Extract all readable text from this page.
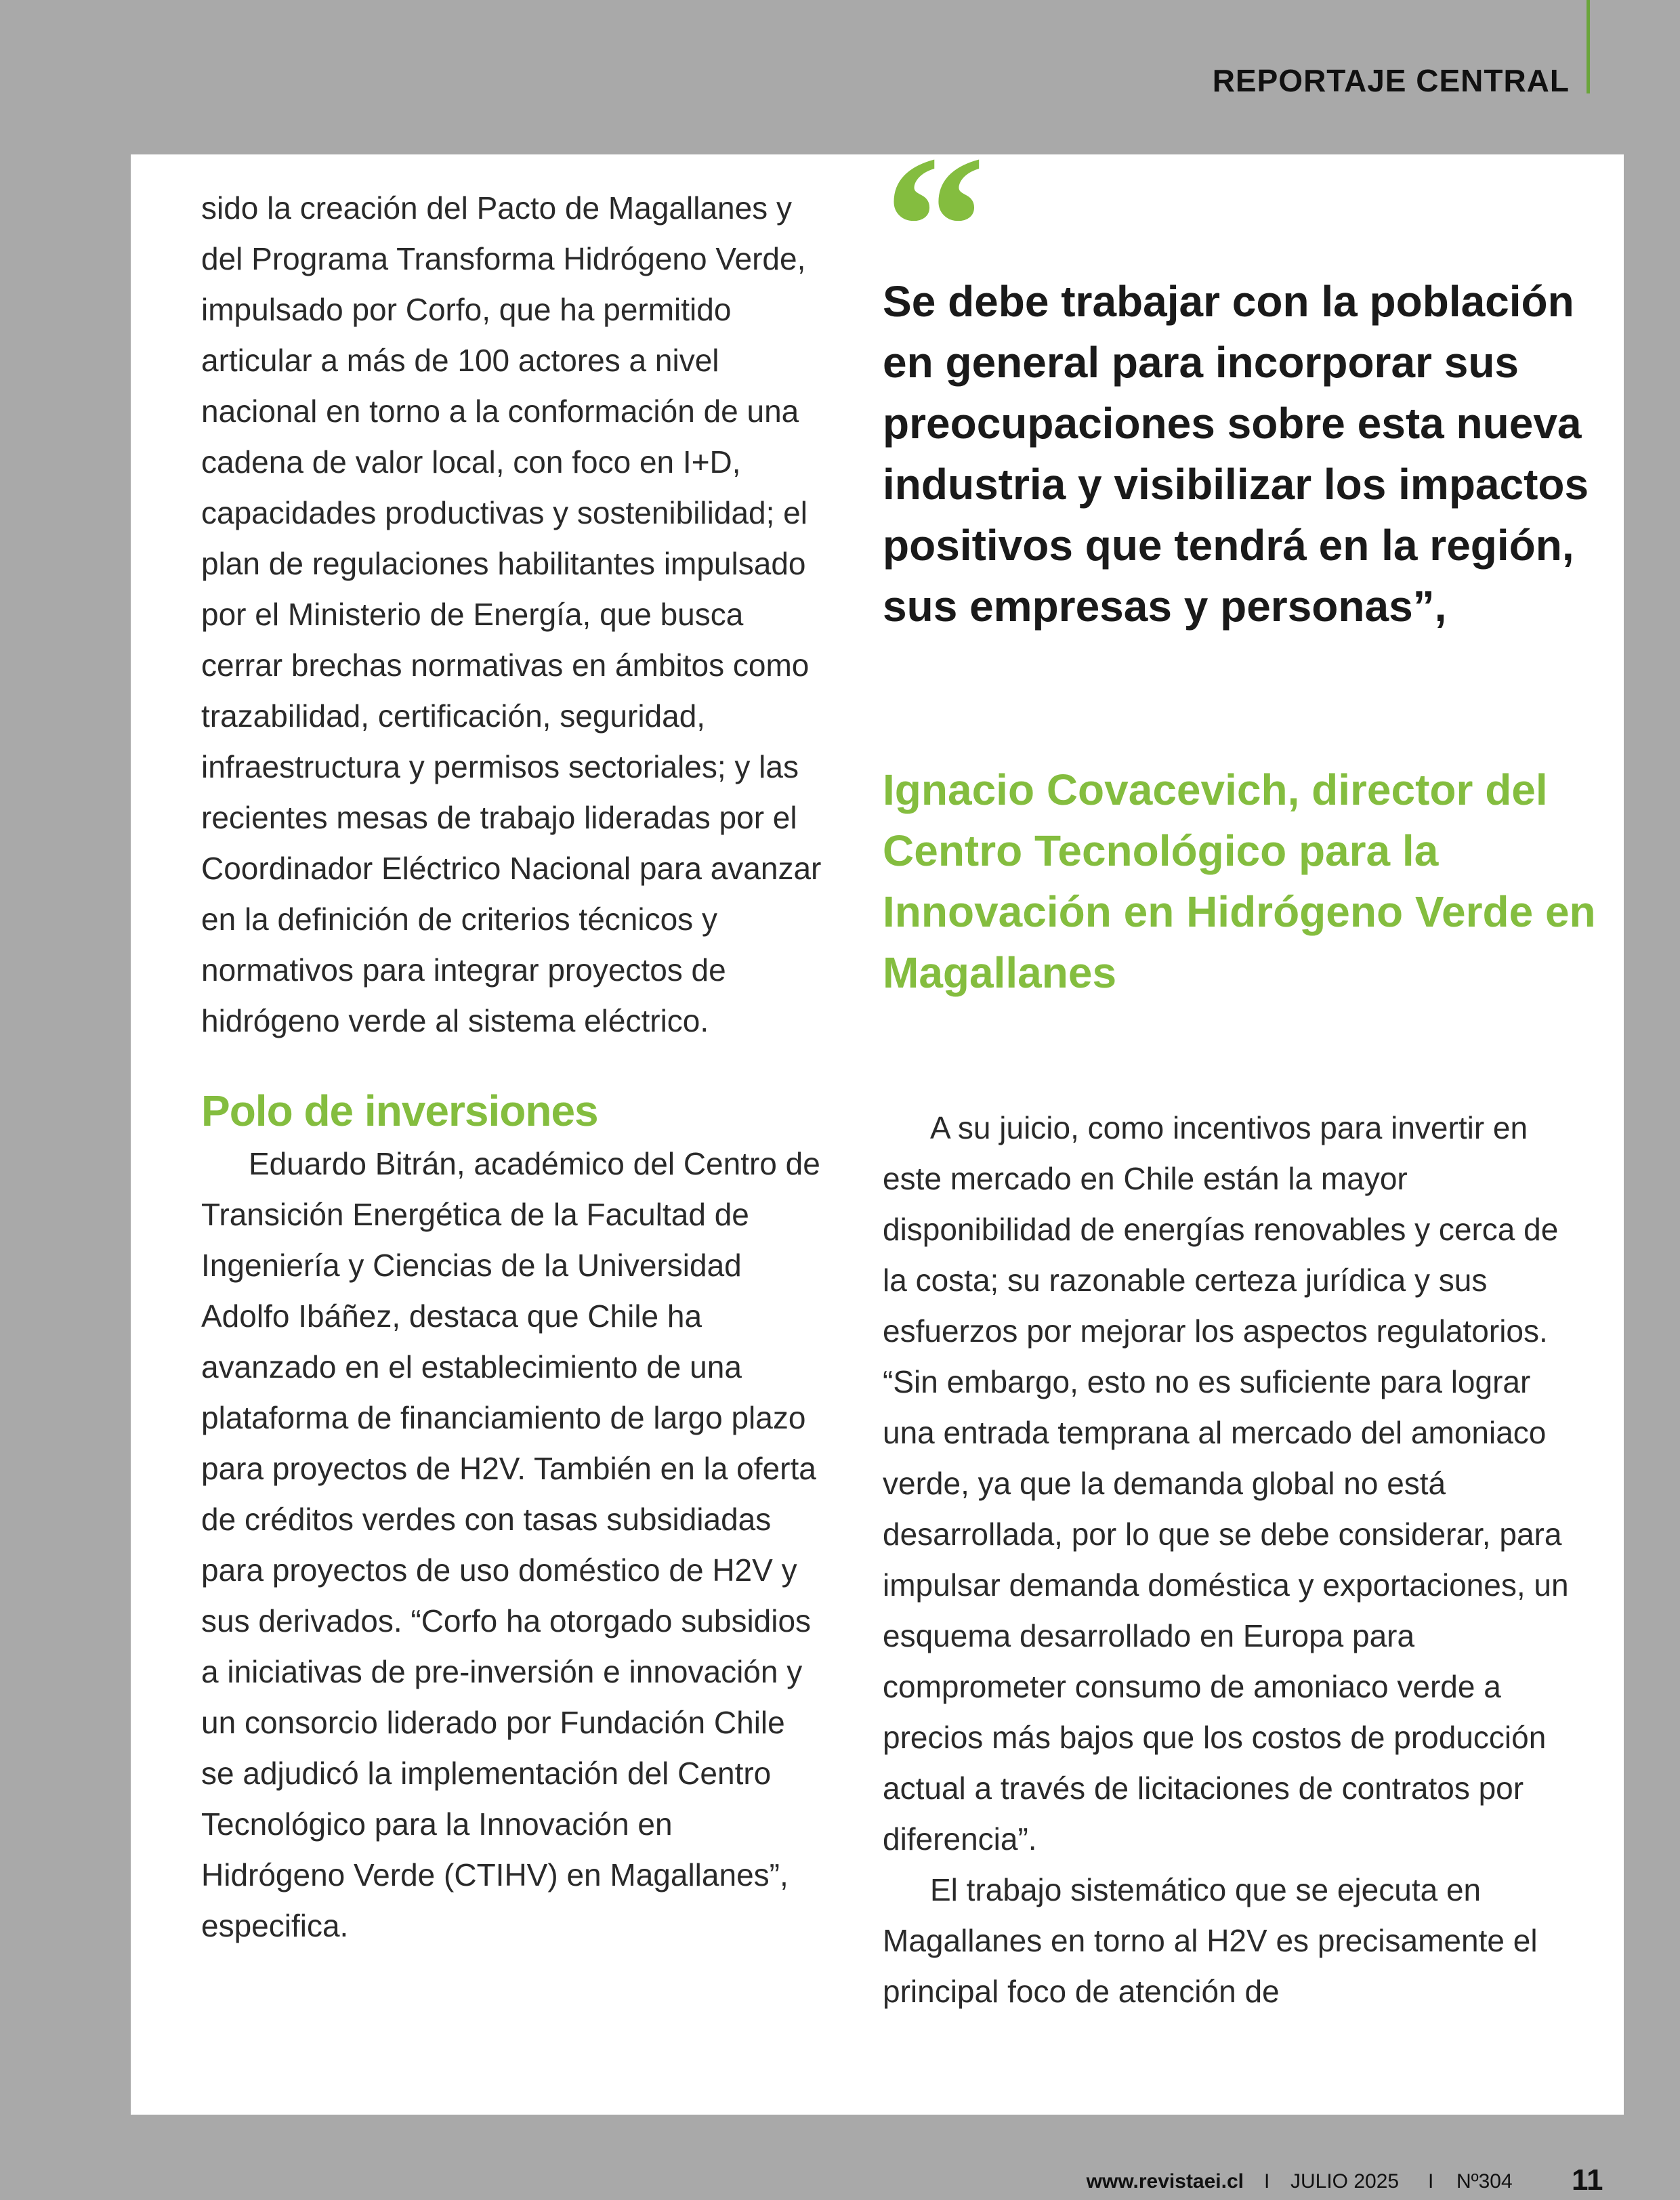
REPORTAJE CENTRAL

sido la creación del Pacto de Magallanes y del Programa Transforma Hidrógeno Verde, impulsado por Corfo, que ha permitido articular a más de 100 actores a nivel nacional en torno a la conformación de una cadena de valor local, con foco en I+D, capacidades productivas y sostenibilidad; el plan de regulaciones habilitantes impulsado por el Ministerio de Energía, que busca cerrar brechas normativas en ámbitos como trazabilidad, certificación, seguridad, infraestructura y permisos sectoriales; y las recientes mesas de trabajo lideradas por el Coordinador Eléctrico Nacional para avanzar en la definición de criterios técnicos y normativos para integrar proyectos de hidrógeno verde al sistema eléctrico.

Polo de inversiones

Eduardo Bitrán, académico del Centro de Transición Energética de la Facultad de Ingeniería y Ciencias de la Universidad Adolfo Ibáñez, destaca que Chile ha avanzado en el establecimiento de una plataforma de financiamiento de largo plazo para proyectos de H2V. También en la oferta de créditos verdes con tasas subsidiadas para proyectos de uso doméstico de H2V y sus derivados. “Corfo ha otorgado subsidios a iniciativas de pre-inversión e innovación y un consorcio liderado por Fundación Chile se adjudicó la implementación del Centro Tecnológico para la Innovación en Hidrógeno Verde (CTIHV) en Magallanes”, especifica.

“
Se debe trabajar con la población en general para incorporar sus preocupaciones sobre esta nueva industria y visibilizar los impactos positivos que tendrá en la región, sus empresas y personas”,
Ignacio Covacevich, director del Centro Tecnológico para la Innovación en Hidrógeno Verde en Magallanes

A su juicio, como incentivos para invertir en este mercado en Chile están la mayor disponibilidad de energías renovables y cerca de la costa; su razonable certeza jurídica y sus esfuerzos por mejorar los aspectos regulatorios. “Sin embargo, esto no es suficiente para lograr una entrada temprana al mercado del amoniaco verde, ya que la demanda global no está desarrollada, por lo que se debe considerar, para impulsar demanda doméstica y exportaciones, un esquema desarrollado en Europa para comprometer consumo de amoniaco verde a precios más bajos que los costos de producción actual a través de licitaciones de contratos por diferencia”.

El trabajo sistemático que se ejecuta en Magallanes en torno al H2V es precisamente el principal foco de atención de

www.revistaei.cl I JULIO 2025 I Nº304 11
